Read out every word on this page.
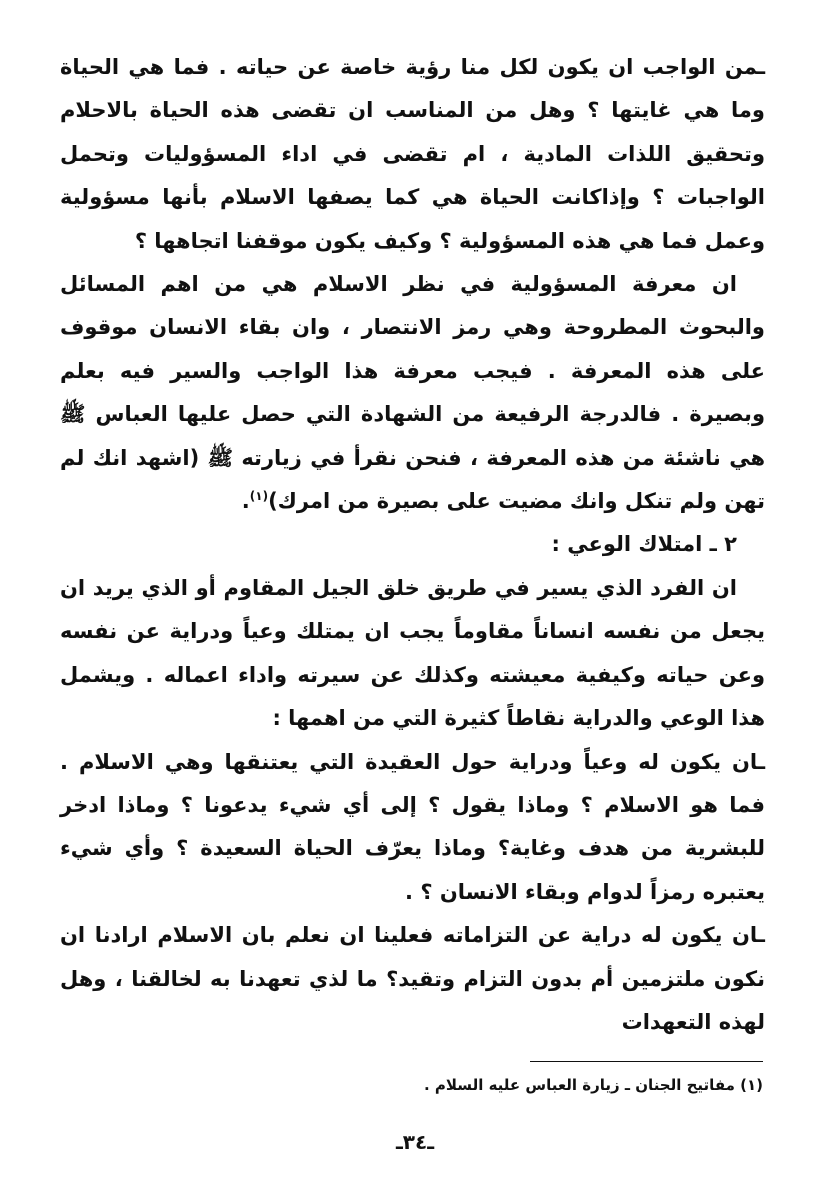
ـمن الواجب ان يكون لكل منا رؤية خاصة عن حياته . فما هي الحياة وما هي غايتها ؟ وهل من المناسب ان تقضى هذه الحياة بالاحلام وتحقيق اللذات المادية ، ام تقضى في اداء المسؤوليات وتحمل الواجبات ؟ وإذاكانت الحياة هي كما يصفها الاسلام بأنها مسؤولية وعمل فما هي هذه المسؤولية ؟ وكيف يكون موقفنا اتجاهها ؟

ان معرفة المسؤولية في نظر الاسلام هي من اهم المسائل والبحوث المطروحة وهي رمز الانتصار ، وان بقاء الانسان موقوف على هذه المعرفة . فيجب معرفة هذا الواجب والسير فيه بعلم وبصيرة . فالدرجة الرفيعة من الشهادة التي حصل عليها العباس ﷺ هي ناشئة من هذه المعرفة ، فنحن نقرأ في زيارته ﷺ (اشهد انك لم تهن ولم تنكل وانك مضيت على بصيرة من امرك)$^{(١)}$.

٢ ـ امتلاك الوعي :

ان الفرد الذي يسير في طريق خلق الجيل المقاوم أو الذي يريد ان يجعل من نفسه انساناً مقاوماً يجب ان يمتلك وعياً ودراية عن نفسه وعن حياته وكيفية معيشته وكذلك عن سيرته واداء اعماله . ويشمل هذا الوعي والدراية نقاطاً كثيرة التي من اهمها :

ـان يكون له وعياً ودراية حول العقيدة التي يعتنقها وهي الاسلام . فما هو الاسلام ؟ وماذا يقول ؟ إلى أي شيء يدعونا ؟ وماذا ادخر للبشرية من هدف وغاية؟ وماذا يعرّف الحياة السعيدة ؟ وأي شيء يعتبره رمزاً لدوام وبقاء الانسان ؟ .

ـان يكون له دراية عن التزاماته فعلينا ان نعلم بان الاسلام ارادنا ان نكون ملتزمين أم بدون التزام وتقيد؟ ما لذي تعهدنا به لخالقنا ، وهل لهذه التعهدات

(١) مفاتيح الجنان ـ زيارة العباس عليه السلام .
ـ٣٤ـ
